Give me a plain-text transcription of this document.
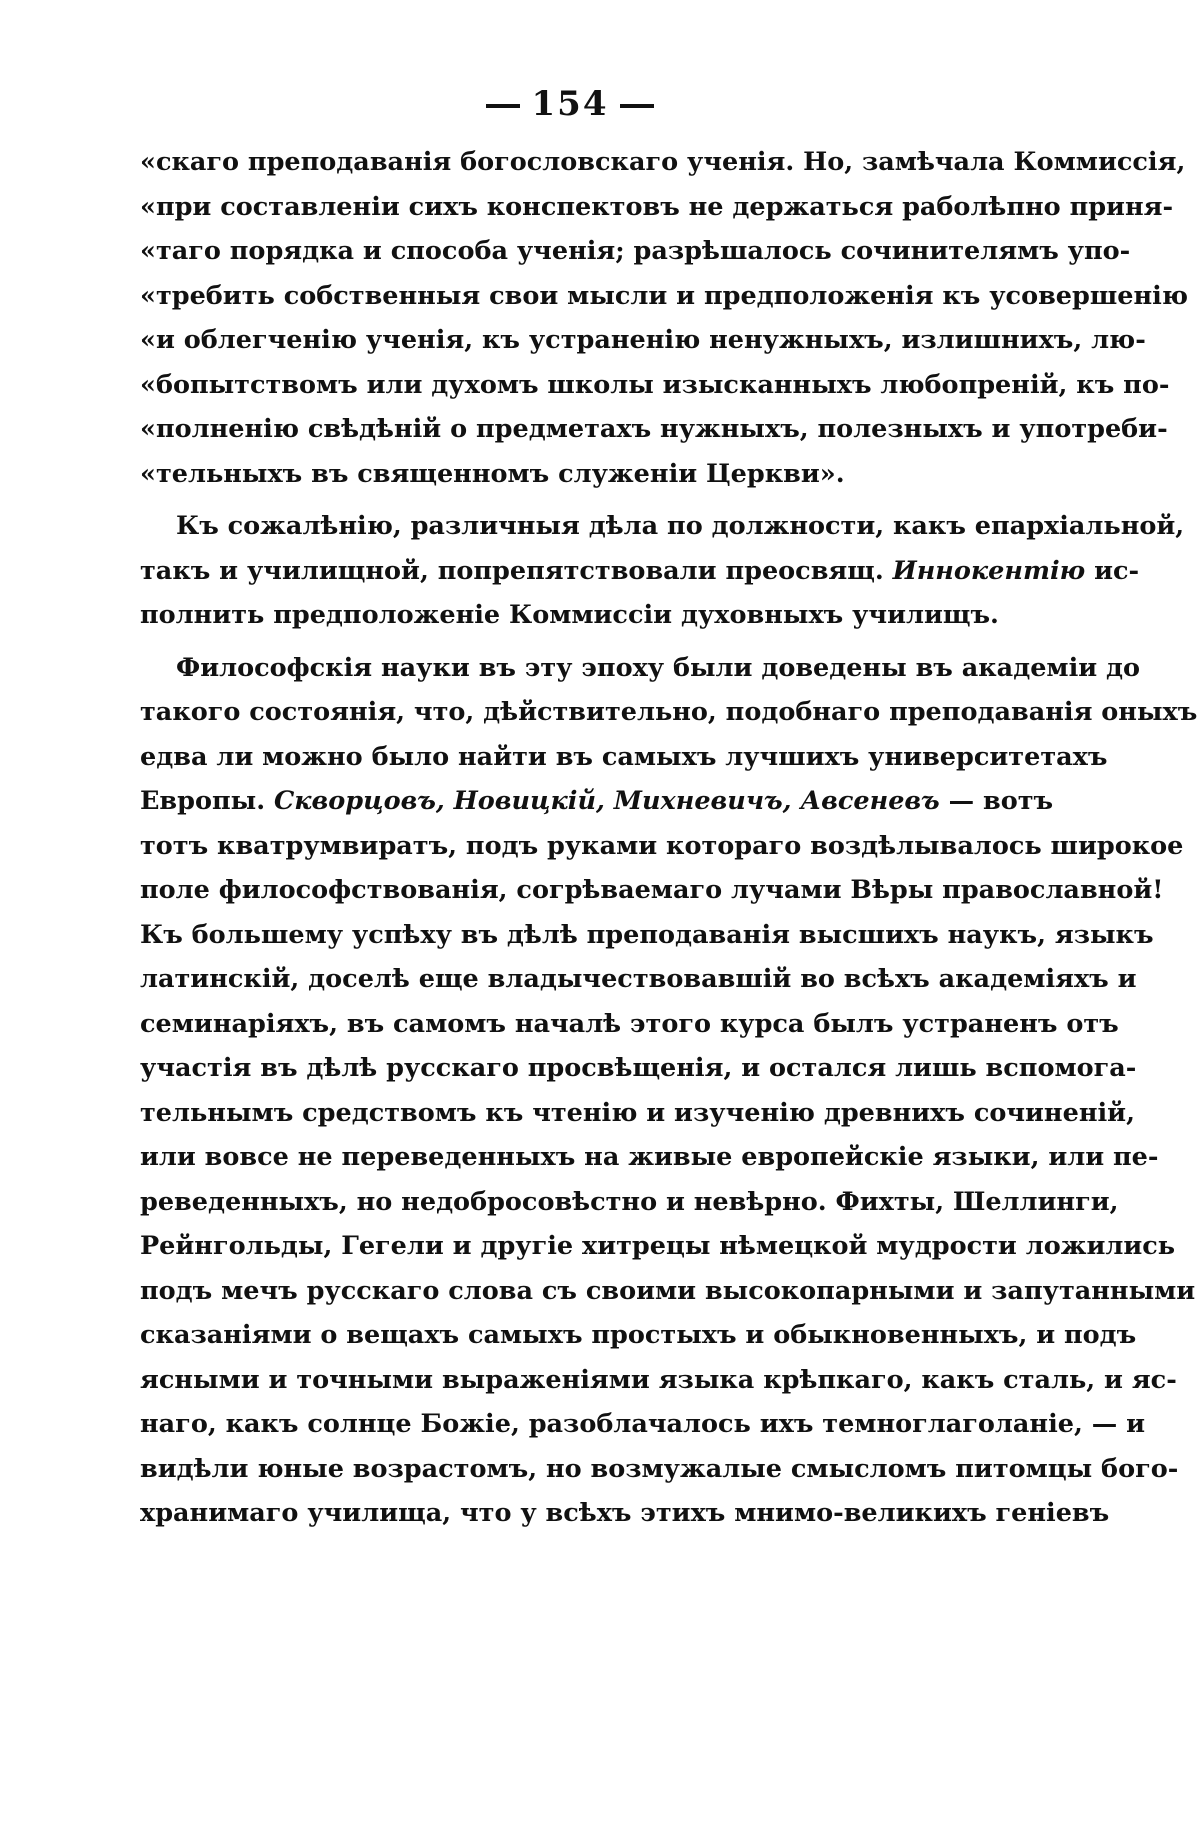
154
«скаго преподаванія богословскаго ученія. Но, замѣчала Коммиссія,
«при составленіи сихъ конспектовъ не держаться раболѣпно приня-
«таго порядка и способа ученія; разрѣшалось сочинителямъ упо-
«требить собственныя свои мысли и предположенія къ усовершенію
«и облегченію ученія, къ устраненію ненужныхъ, излишнихъ, лю-
«бопытствомъ или духомъ школы изысканныхъ любопреній, къ по-
«полненію свѣдѣній о предметахъ нужныхъ, полезныхъ и употреби-
«тельныхъ въ священномъ служеніи Церкви».
Къ сожалѣнію, различныя дѣла по должности, какъ епархіальной,
такъ и училищной, попрепятствовали преосвящ. Иннокентію ис-
полнить предположеніе Коммиссіи духовныхъ училищъ.
Философскія науки въ эту эпоху были доведены въ академіи до
такого состоянія, что, дѣйствительно, подобнаго преподаванія оныхъ
едва ли можно было найти въ самыхъ лучшихъ университетахъ
Европы. Скворцовъ, Новицкій, Михневичъ, Авсеневъ — вотъ
тотъ кватрумвиратъ, подъ руками котораго воздѣлывалось широкое
поле философствованія, согрѣваемаго лучами Вѣры православной!
Къ большему успѣху въ дѣлѣ преподаванія высшихъ наукъ, языкъ
латинскій, доселѣ еще владычествовавшій во всѣхъ академіяхъ и
семинаріяхъ, въ самомъ началѣ этого курса былъ устраненъ отъ
участія въ дѣлѣ русскаго просвѣщенія, и остался лишь вспомога-
тельнымъ средствомъ къ чтенію и изученію древнихъ сочиненій,
или вовсе не переведенныхъ на живые европейскіе языки, или пе-
реведенныхъ, но недобросовѣстно и невѣрно. Фихты, Шеллинги,
Рейнгольды, Гегели и другіе хитрецы нѣмецкой мудрости ложились
подъ мечъ русскаго слова съ своими высокопарными и запутанными
сказаніями о вещахъ самыхъ простыхъ и обыкновенныхъ, и подъ
ясными и точными выраженіями языка крѣпкаго, какъ сталь, и яс-
наго, какъ солнце Божіе, разоблачалось ихъ темноглаголаніе, — и
видѣли юные возрастомъ, но возмужалые смысломъ питомцы бого-
хранимаго училища, что у всѣхъ этихъ мнимо-великихъ геніевъ
